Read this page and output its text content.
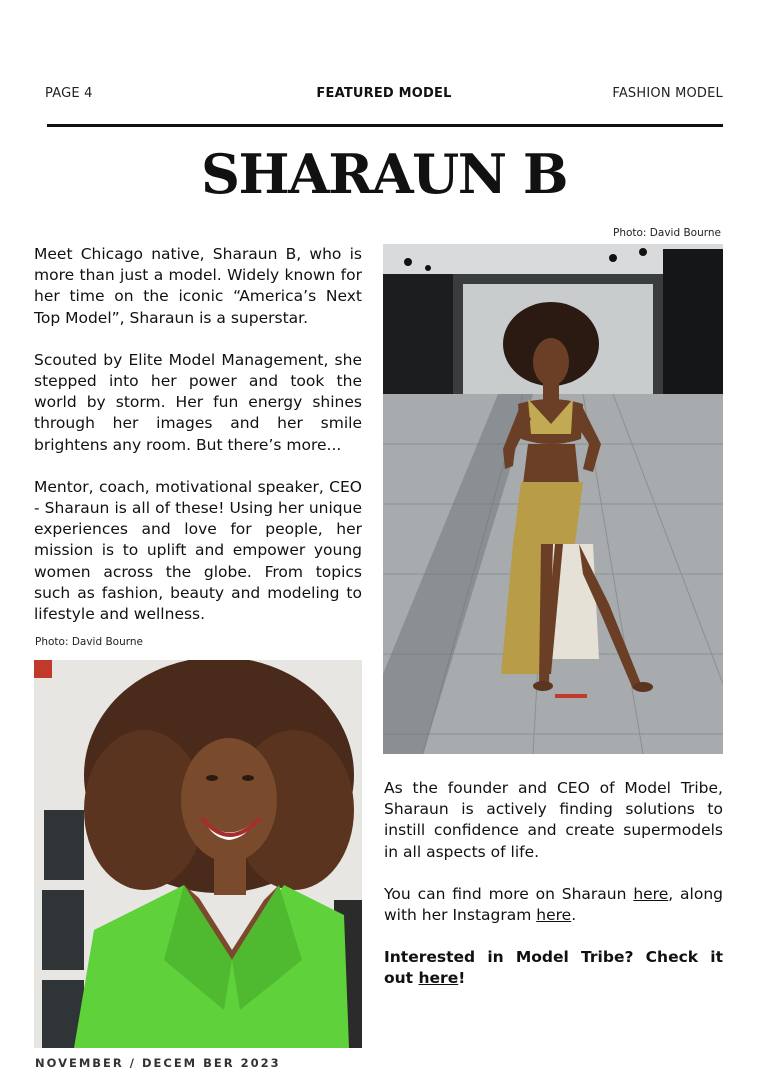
PAGE 4	FEATURED MODEL	FASHION MODEL
SHARAUN B

Meet Chicago native, Sharaun B, who is more than just a model. Widely known for her time on the iconic “America’s Next Top Model”, Sharaun is a superstar.

Scouted by Elite Model Management, she stepped into her power and took the world by storm. Her fun energy shines through her images and her smile brightens any room. But there’s more...

Mentor, coach, motivational speaker, CEO - Sharaun is all of these! Using her unique experiences and love for people, her mission is to uplift and empower young women across the globe. From topics such as fashion, beauty and modeling to lifestyle and wellness.

Photo: David Bourne
Photo: David Bourne

As the founder and CEO of Model Tribe, Sharaun is actively finding solutions to instill confidence and create supermodels in all aspects of life.

You can find more on Sharaun here, along with her Instagram here.

Interested in Model Tribe? Check it out here!

NOVEMBER / DECEM BER 2023
